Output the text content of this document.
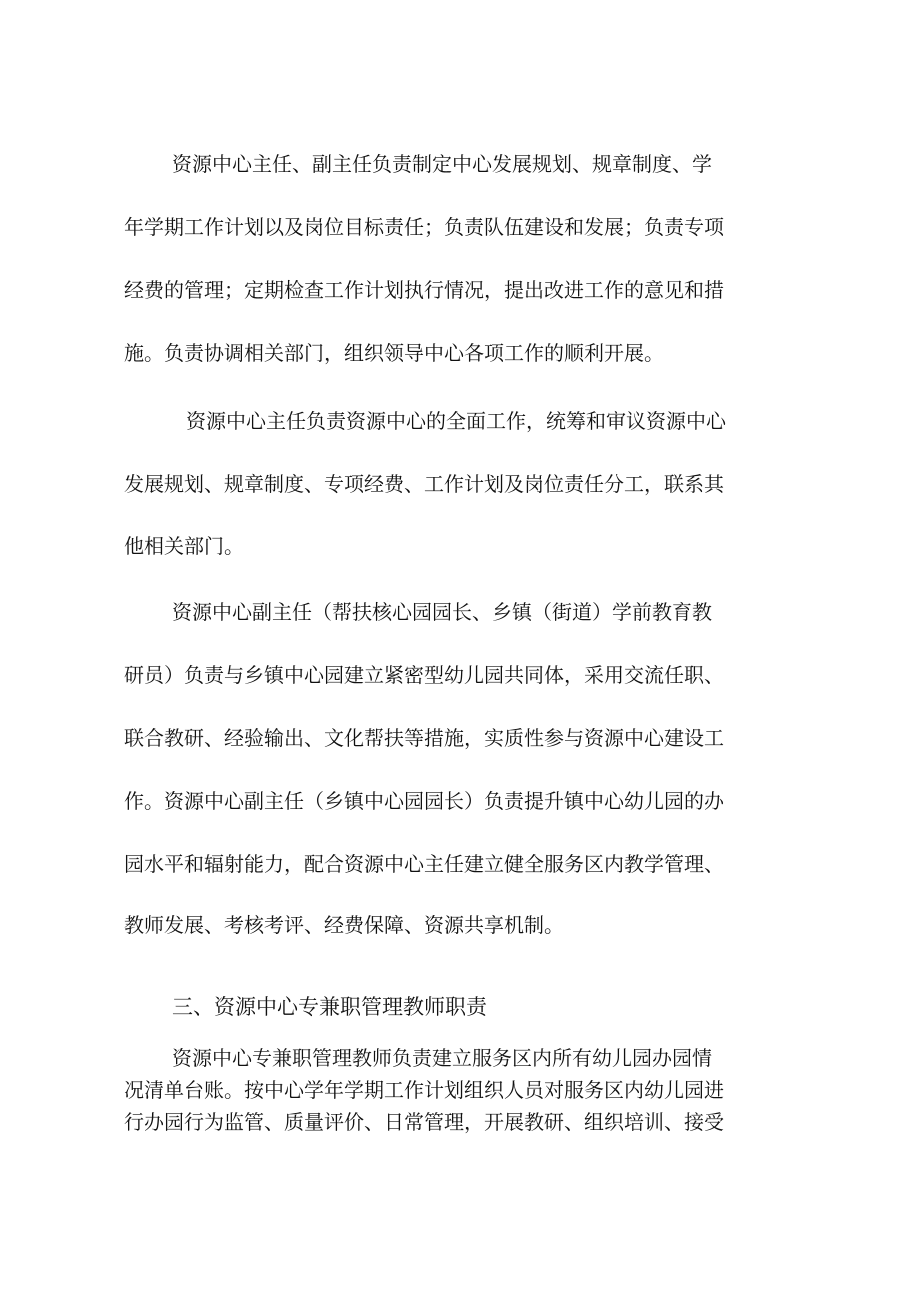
资源中心主任、副主任负责制定中心发展规划、规章制度、学
年学期工作计划以及岗位目标责任；负责队伍建设和发展；负责专项
经费的管理；定期检查工作计划执行情况，提出改进工作的意见和措
施。负责协调相关部门，组织领导中心各项工作的顺利开展。
资源中心主任负责资源中心的全面工作，统筹和审议资源中心
发展规划、规章制度、专项经费、工作计划及岗位责任分工，联系其
他相关部门。
资源中心副主任（帮扶核心园园长、乡镇（街道）学前教育教
研员）负责与乡镇中心园建立紧密型幼儿园共同体，采用交流任职、
联合教研、经验输出、文化帮扶等措施，实质性参与资源中心建设工
作。资源中心副主任（乡镇中心园园长）负责提升镇中心幼儿园的办
园水平和辐射能力，配合资源中心主任建立健全服务区内教学管理、
教师发展、考核考评、经费保障、资源共享机制。
三、资源中心专兼职管理教师职责
资源中心专兼职管理教师负责建立服务区内所有幼儿园办园情
况清单台账。按中心学年学期工作计划组织人员对服务区内幼儿园进
行办园行为监管、质量评价、日常管理，开展教研、组织培训、接受
